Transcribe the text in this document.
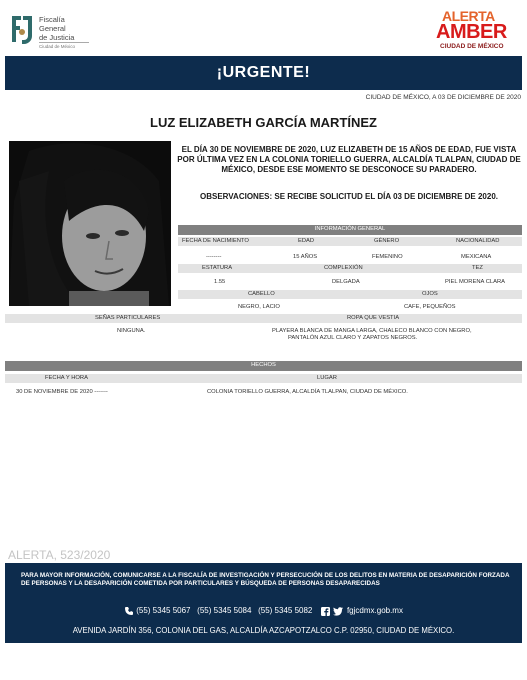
Fiscalía
General
de Justicia
Ciudad de México
ALERTA
AMBER
CIUDAD DE MÉXICO
¡URGENTE!
CIUDAD DE MÉXICO, A 03 DE DICIEMBRE DE 2020
LUZ ELIZABETH GARCÍA MARTÍNEZ
EL DÍA 30 DE NOVIEMBRE DE 2020, LUZ ELIZABETH DE 15 AÑOS DE EDAD, FUE VISTA POR ÚLTIMA VEZ EN LA COLONIA TORIELLO GUERRA, ALCALDÍA TLALPAN, CIUDAD DE MÉXICO, DESDE ESE MOMENTO SE DESCONOCE SU PARADERO.
OBSERVACIONES: SE RECIBE SOLICITUD EL DÍA 03 DE DICIEMBRE DE 2020.
INFORMACIÓN GENERAL
FECHA DE NACIMIENTO	EDAD	GÉNERO	NACIONALIDAD
--------	15 AÑOS	FEMENINO	MEXICANA
ESTATURA	COMPLEXIÓN	TEZ
1.55	DELGADA	PIEL MORENA CLARA
CABELLO	OJOS
NEGRO, LACIO	CAFE, PEQUEÑOS
SEÑAS PARTICULARES	ROPA QUE VESTIA
NINGUNA.	PLAYERA BLANCA DE MANGA LARGA, CHALECO BLANCO CON NEGRO,
PANTALÓN AZUL CLARO Y ZAPATOS NEGROS.
HECHOS
FECHA Y HORA	LUGAR
30 DE NOVIEMBRE DE 2020 -------	COLONIA TORIELLO GUERRA, ALCALDÍA TLALPAN, CIUDAD DE MÉXICO.
ALERTA, 523/2020
PARA MAYOR INFORMACIÓN, COMUNICARSE A LA FISCALÍA DE INVESTIGACIÓN Y PERSECUCIÓN DE LOS DELITOS EN MATERIA DE DESAPARICIÓN FORZADA DE PERSONAS Y LA DESAPARICIÓN COMETIDA POR PARTICULARES Y BÚSQUEDA DE PERSONAS DESAPARECIDAS
(55) 5345 5067 (55) 5345 5084 (55) 5345 5082	fgjcdmx.gob.mx
AVENIDA JARDÍN 356, COLONIA DEL GAS, ALCALDÍA AZCAPOTZALCO C.P. 02950, CIUDAD DE MÉXICO.
